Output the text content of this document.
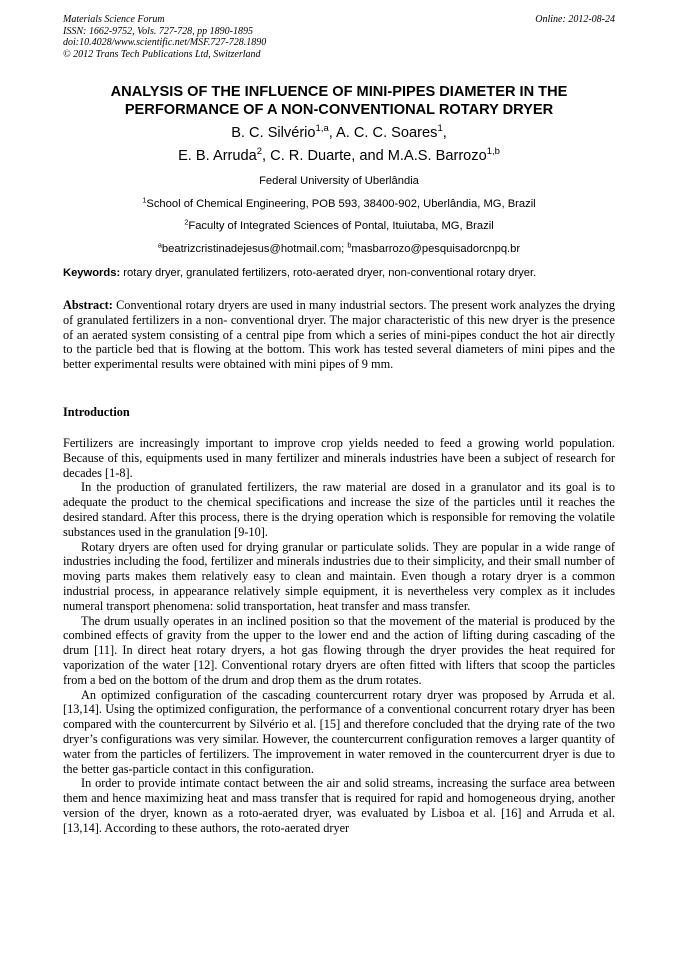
Materials Science Forum
ISSN: 1662-9752, Vols. 727-728, pp 1890-1895
doi:10.4028/www.scientific.net/MSF.727-728.1890
© 2012 Trans Tech Publications Ltd, Switzerland
Online: 2012-08-24
ANALYSIS OF THE INFLUENCE OF MINI-PIPES DIAMETER IN THE PERFORMANCE OF A NON-CONVENTIONAL ROTARY DRYER
B. C. Silvério$^{1,a}$, A. C. C. Soares$^1$,
E. B. Arruda$^2$, C. R. Duarte, and M.A.S. Barrozo$^{1,b}$
Federal University of Uberlândia
$^1$School of Chemical Engineering, POB 593, 38400-902, Uberlândia, MG, Brazil
$^2$Faculty of Integrated Sciences of Pontal, Ituiutaba, MG, Brazil
$^a$beatrizcristinadejesus@hotmail.com; $^b$masbarrozo@pesquisadorcnpq.br
Keywords: rotary dryer, granulated fertilizers, roto-aerated dryer, non-conventional rotary dryer.
Abstract: Conventional rotary dryers are used in many industrial sectors. The present work analyzes the drying of granulated fertilizers in a non- conventional dryer. The major characteristic of this new dryer is the presence of an aerated system consisting of a central pipe from which a series of mini-pipes conduct the hot air directly to the particle bed that is flowing at the bottom. This work has tested several diameters of mini pipes and the better experimental results were obtained with mini pipes of 9 mm.
Introduction

Fertilizers are increasingly important to improve crop yields needed to feed a growing world population. Because of this, equipments used in many fertilizer and minerals industries have been a subject of research for decades [1-8].

In the production of granulated fertilizers, the raw material are dosed in a granulator and its goal is to adequate the product to the chemical specifications and increase the size of the particles until it reaches the desired standard. After this process, there is the drying operation which is responsible for removing the volatile substances used in the granulation [9-10].

Rotary dryers are often used for drying granular or particulate solids. They are popular in a wide range of industries including the food, fertilizer and minerals industries due to their simplicity, and their small number of moving parts makes them relatively easy to clean and maintain. Even though a rotary dryer is a common industrial process, in appearance relatively simple equipment, it is nevertheless very complex as it includes numeral transport phenomena: solid transportation, heat transfer and mass transfer.

The drum usually operates in an inclined position so that the movement of the material is produced by the combined effects of gravity from the upper to the lower end and the action of lifting during cascading of the drum [11]. In direct heat rotary dryers, a hot gas flowing through the dryer provides the heat required for vaporization of the water [12]. Conventional rotary dryers are often fitted with lifters that scoop the particles from a bed on the bottom of the drum and drop them as the drum rotates.

An optimized configuration of the cascading countercurrent rotary dryer was proposed by Arruda et al. [13,14]. Using the optimized configuration, the performance of a conventional concurrent rotary dryer has been compared with the countercurrent by Silvério et al. [15] and therefore concluded that the drying rate of the two dryer’s configurations was very similar. However, the countercurrent configuration removes a larger quantity of water from the particles of fertilizers. The improvement in water removed in the countercurrent dryer is due to the better gas-particle contact in this configuration.

In order to provide intimate contact between the air and solid streams, increasing the surface area between them and hence maximizing heat and mass transfer that is required for rapid and homogeneous drying, another version of the dryer, known as a roto-aerated dryer, was evaluated by Lisboa et al. [16] and Arruda et al. [13,14]. According to these authors, the roto-aerated dryer
